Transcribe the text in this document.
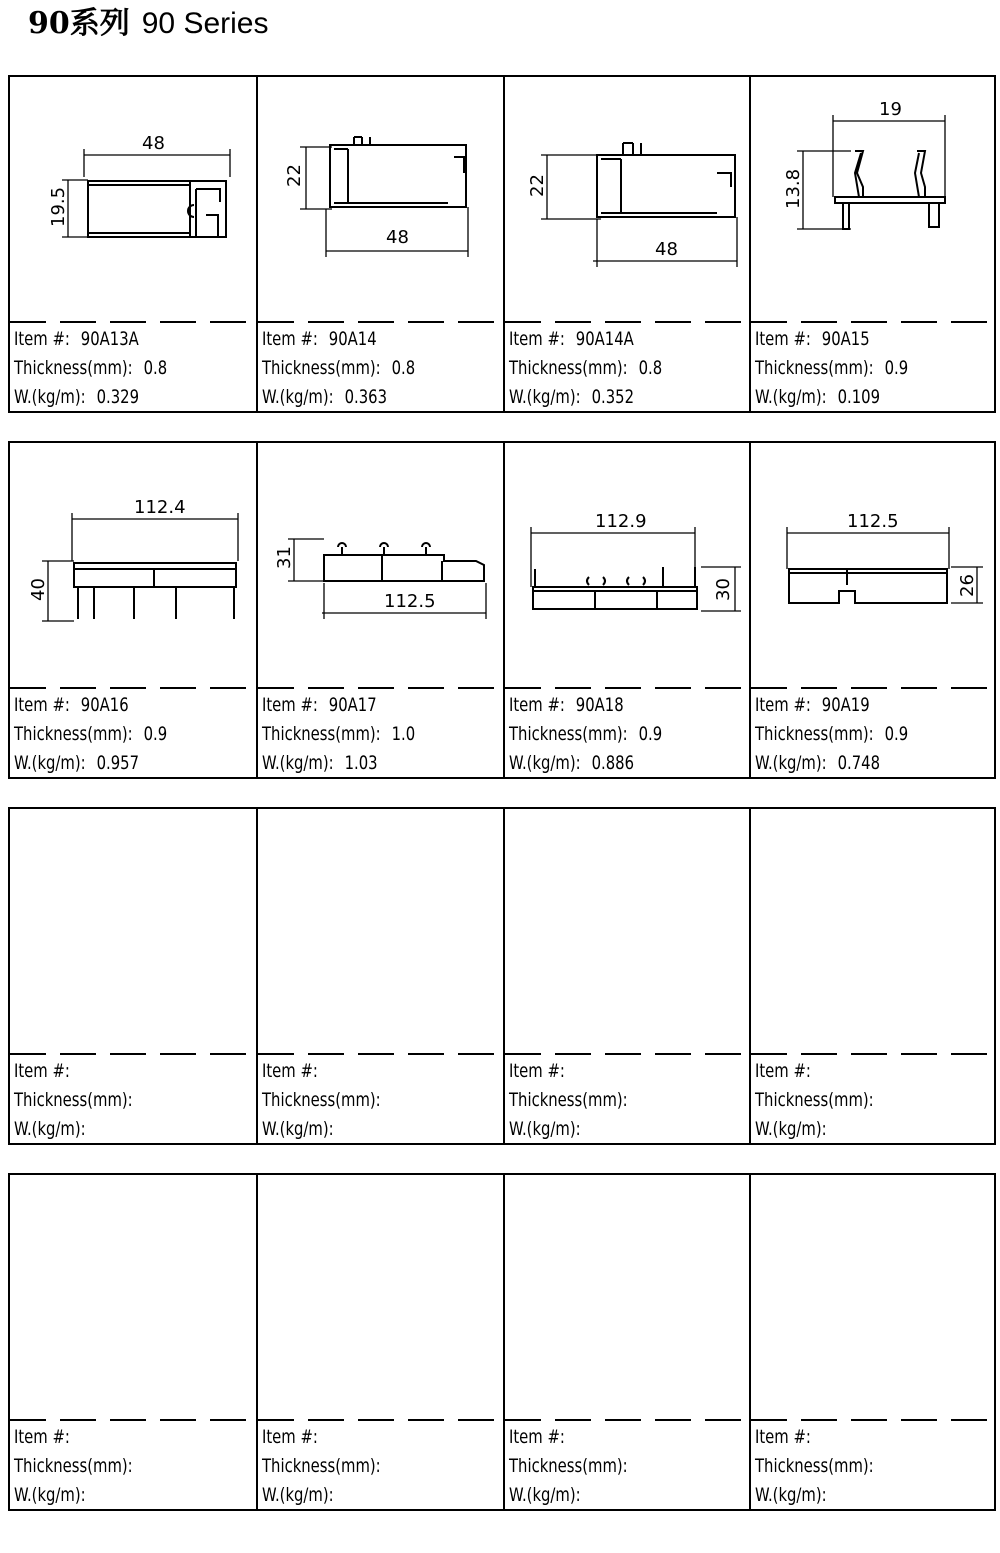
90系列 90 Series
48
19.5
Item #: 90A13A
Thickness(mm): 0.8
W.(kg/m): 0.329
22
48
Item #: 90A14
Thickness(mm): 0.8
W.(kg/m): 0.363
22
48
Item #: 90A14A
Thickness(mm): 0.8
W.(kg/m): 0.352
19
13.8
Item #: 90A15
Thickness(mm): 0.9
W.(kg/m): 0.109
112.4
40
Item #: 90A16
Thickness(mm): 0.9
W.(kg/m): 0.957
31
112.5
Item #: 90A17
Thickness(mm): 1.0
W.(kg/m): 1.03
112.9
30
Item #: 90A18
Thickness(mm): 0.9
W.(kg/m): 0.886
112.5
26
Item #: 90A19
Thickness(mm): 0.9
W.(kg/m): 0.748
Item #:
Thickness(mm):
W.(kg/m):
Item #:
Thickness(mm):
W.(kg/m):
Item #:
Thickness(mm):
W.(kg/m):
Item #:
Thickness(mm):
W.(kg/m):
Item #:
Thickness(mm):
W.(kg/m):
Item #:
Thickness(mm):
W.(kg/m):
Item #:
Thickness(mm):
W.(kg/m):
Item #:
Thickness(mm):
W.(kg/m):
